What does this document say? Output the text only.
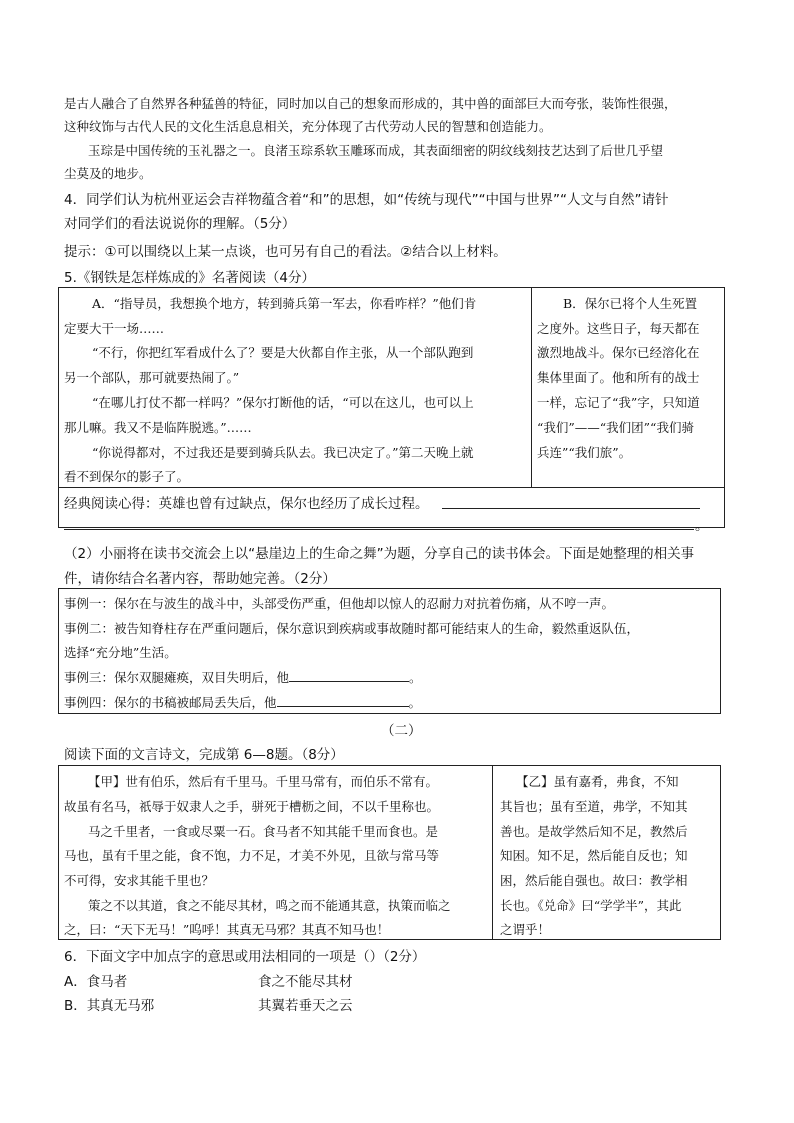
是古人融合了自然界各种猛兽的特征，同时加以自己的想象而形成的，其中兽的面部巨大而夸张，装饰性很强，
这种纹饰与古代人民的文化生活息息相关，充分体现了古代劳动人民的智慧和创造能力。
玉琮是中国传统的玉礼器之一。良渚玉琮系软玉雕琢而成，其表面细密的阴纹线刻技艺达到了后世几乎望
尘莫及的地步。
4．同学们认为杭州亚运会吉祥物蕴含着“和”的思想，如“传统与现代”“中国与世界”“人文与自然”请针
对同学们的看法说说你的理解。（5分）
提示：①可以围绕以上某一点谈，也可另有自己的看法。②结合以上材料。
5.《钢铁是怎样炼成的》名著阅读（4分）
A．“指导员，我想换个地方，转到骑兵第一军去，你看咋样？”他们肯
定要大干一场……
“不行，你把红军看成什么了？要是大伙都自作主张，从一个部队跑到
另一个部队，那可就要热闹了。”
“在哪儿打仗不都一样吗？”保尔打断他的话，“可以在这儿，也可以上
那儿嘛。我又不是临阵脱逃。”……
“你说得都对，不过我还是要到骑兵队去。我已决定了。”第二天晚上就
看不到保尔的影子了。
B．保尔已将个人生死置
之度外。这些日子，每天都在
激烈地战斗。保尔已经溶化在
集体里面了。他和所有的战士
一样，忘记了“我”字，只知道
“我们”——“我们团”“我们骑
兵连”“我们旅”。
经典阅读心得：英雄也曾有过缺点，保尔也经历了成长过程。
。
（2）小丽将在读书交流会上以“悬崖边上的生命之舞”为题，分享自己的读书体会。下面是她整理的相关事
件，请你结合名著内容，帮助她完善。（2分）
事例一：保尔在与波生的战斗中，头部受伤严重，但他却以惊人的忍耐力对抗着伤痛，从不哼一声。
事例二：被告知脊柱存在严重问题后，保尔意识到疾病或事故随时都可能结束人的生命，毅然重返队伍，
选择“充分地”生活。
事例三：保尔双腿瘫痪，双目失明后，他	。
事例四：保尔的书稿被邮局丢失后，他	。
（二）
阅读下面的文言诗文，完成第 6—8题。（8分）
【甲】世有伯乐，然后有千里马。千里马常有，而伯乐不常有。
故虽有名马，祇辱于奴隶人之手，骈死于槽枥之间，不以千里称也。
马之千里者，一食或尽粟一石。食马者不知其能千里而食也。是
马也，虽有千里之能，食不饱，力不足，才美不外见，且欲与常马等
不可得，安求其能千里也？
策之不以其道，食之不能尽其材，鸣之而不能通其意，执策而临之
之，曰：“天下无马！”呜呼！其真无马邪？其真不知马也！
【乙】虽有嘉肴，弗食，不知
其旨也；虽有至道，弗学，不知其
善也。是故学然后知不足，教然后
知困。知不足，然后能自反也；知
困，然后能自强也。故曰：教学相
长也。《兑命》曰“学学半”，其此
之谓乎！
6．下面文字中加点字的意思或用法相同的一项是（）（2分）
A．食马者	食之不能尽其材
B．其真无马邪	其翼若垂天之云
